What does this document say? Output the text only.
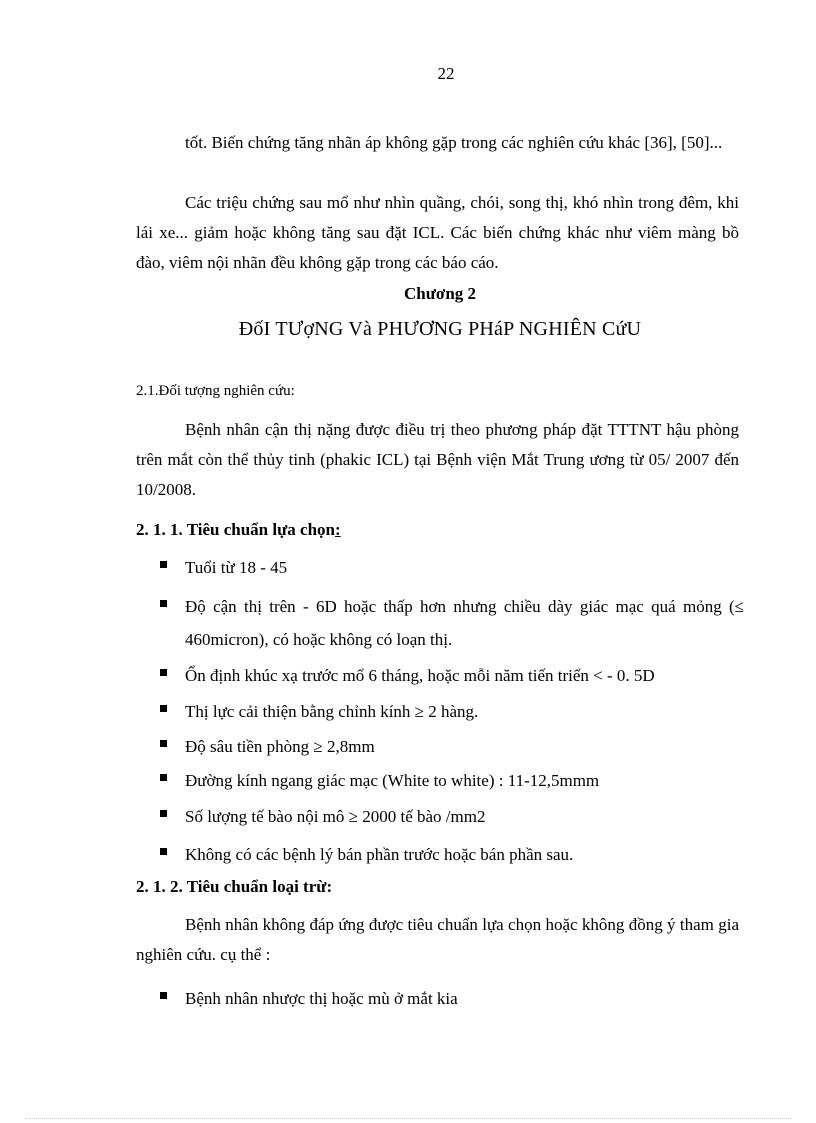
22

tốt. Biến chứng tăng nhãn áp không gặp trong các nghiên cứu khác [36], [50]...

Các triệu chứng sau mổ như nhìn quầng, chói, song thị, khó nhìn trong đêm, khi lái xe... giảm hoặc không tăng sau đặt ICL. Các biến chứng khác như viêm màng bồ đào, viêm nội nhãn đều không gặp trong các báo cáo.

Chương 2
ĐốI TƯợNG Và PHƯƠNG PHáP NGHIÊN CứU
2.1.Đối tượng nghiên cứu:

Bệnh nhân cận thị nặng được điều trị theo phương pháp đặt TTTNT hậu phòng trên mắt còn thể thủy tinh (phakic ICL) tại Bệnh viện Mắt Trung ương từ 05/ 2007 đến 10/2008.

2. 1. 1. Tiêu chuẩn lựa chọn:
Tuổi từ 18 - 45
Độ cận thị trên - 6D hoặc thấp hơn nhưng chiều dày giác mạc quá mỏng (≤ 460micron), có hoặc không có loạn thị.
Ổn định khúc xạ trước mổ 6 tháng, hoặc mỗi năm tiến triển < - 0. 5D
Thị lực cải thiện bằng chỉnh kính ≥ 2 hàng.
Độ sâu tiền phòng ≥ 2,8mm
Đường kính ngang giác mạc (White to white) : 11-12,5mmm
Số lượng tế bào nội mô ≥ 2000 tế bào /mm2
Không có các bệnh lý bán phần trước hoặc bán phần sau.
2. 1. 2. Tiêu chuẩn loại trừ:

Bệnh nhân không đáp ứng được tiêu chuẩn lựa chọn hoặc không đồng ý tham gia nghiên cứu. cụ thể :

Bệnh nhân nhược thị hoặc mù ở mắt kia
